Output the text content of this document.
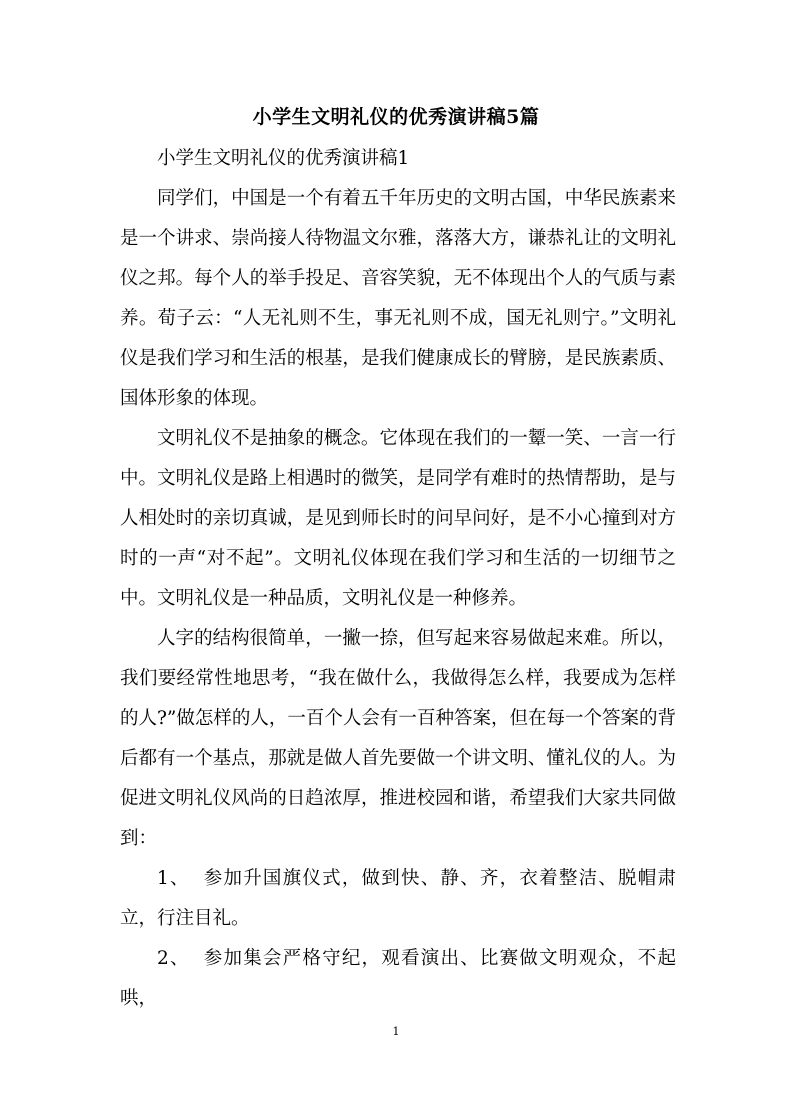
小学生文明礼仪的优秀演讲稿5篇

小学生文明礼仪的优秀演讲稿1

同学们，中国是一个有着五千年历史的文明古国，中华民族素来是一个讲求、崇尚接人待物温文尔雅，落落大方，谦恭礼让的文明礼仪之邦。每个人的举手投足、音容笑貌，无不体现出个人的气质与素养。荀子云：“人无礼则不生，事无礼则不成，国无礼则宁。”文明礼仪是我们学习和生活的根基，是我们健康成长的臂膀，是民族素质、国体形象的体现。

文明礼仪不是抽象的概念。它体现在我们的一颦一笑、一言一行中。文明礼仪是路上相遇时的微笑，是同学有难时的热情帮助，是与人相处时的亲切真诚，是见到师长时的问早问好，是不小心撞到对方时的一声“对不起”。文明礼仪体现在我们学习和生活的一切细节之中。文明礼仪是一种品质，文明礼仪是一种修养。

人字的结构很简单，一撇一捺，但写起来容易做起来难。所以，我们要经常性地思考，“我在做什么，我做得怎么样，我要成为怎样的人?”做怎样的人，一百个人会有一百种答案，但在每一个答案的背后都有一个基点，那就是做人首先要做一个讲文明、懂礼仪的人。为促进文明礼仪风尚的日趋浓厚，推进校园和谐，希望我们大家共同做到：

1、 参加升国旗仪式，做到快、静、齐，衣着整洁、脱帽肃立，行注目礼。

2、 参加集会严格守纪，观看演出、比赛做文明观众，不起哄，

1
